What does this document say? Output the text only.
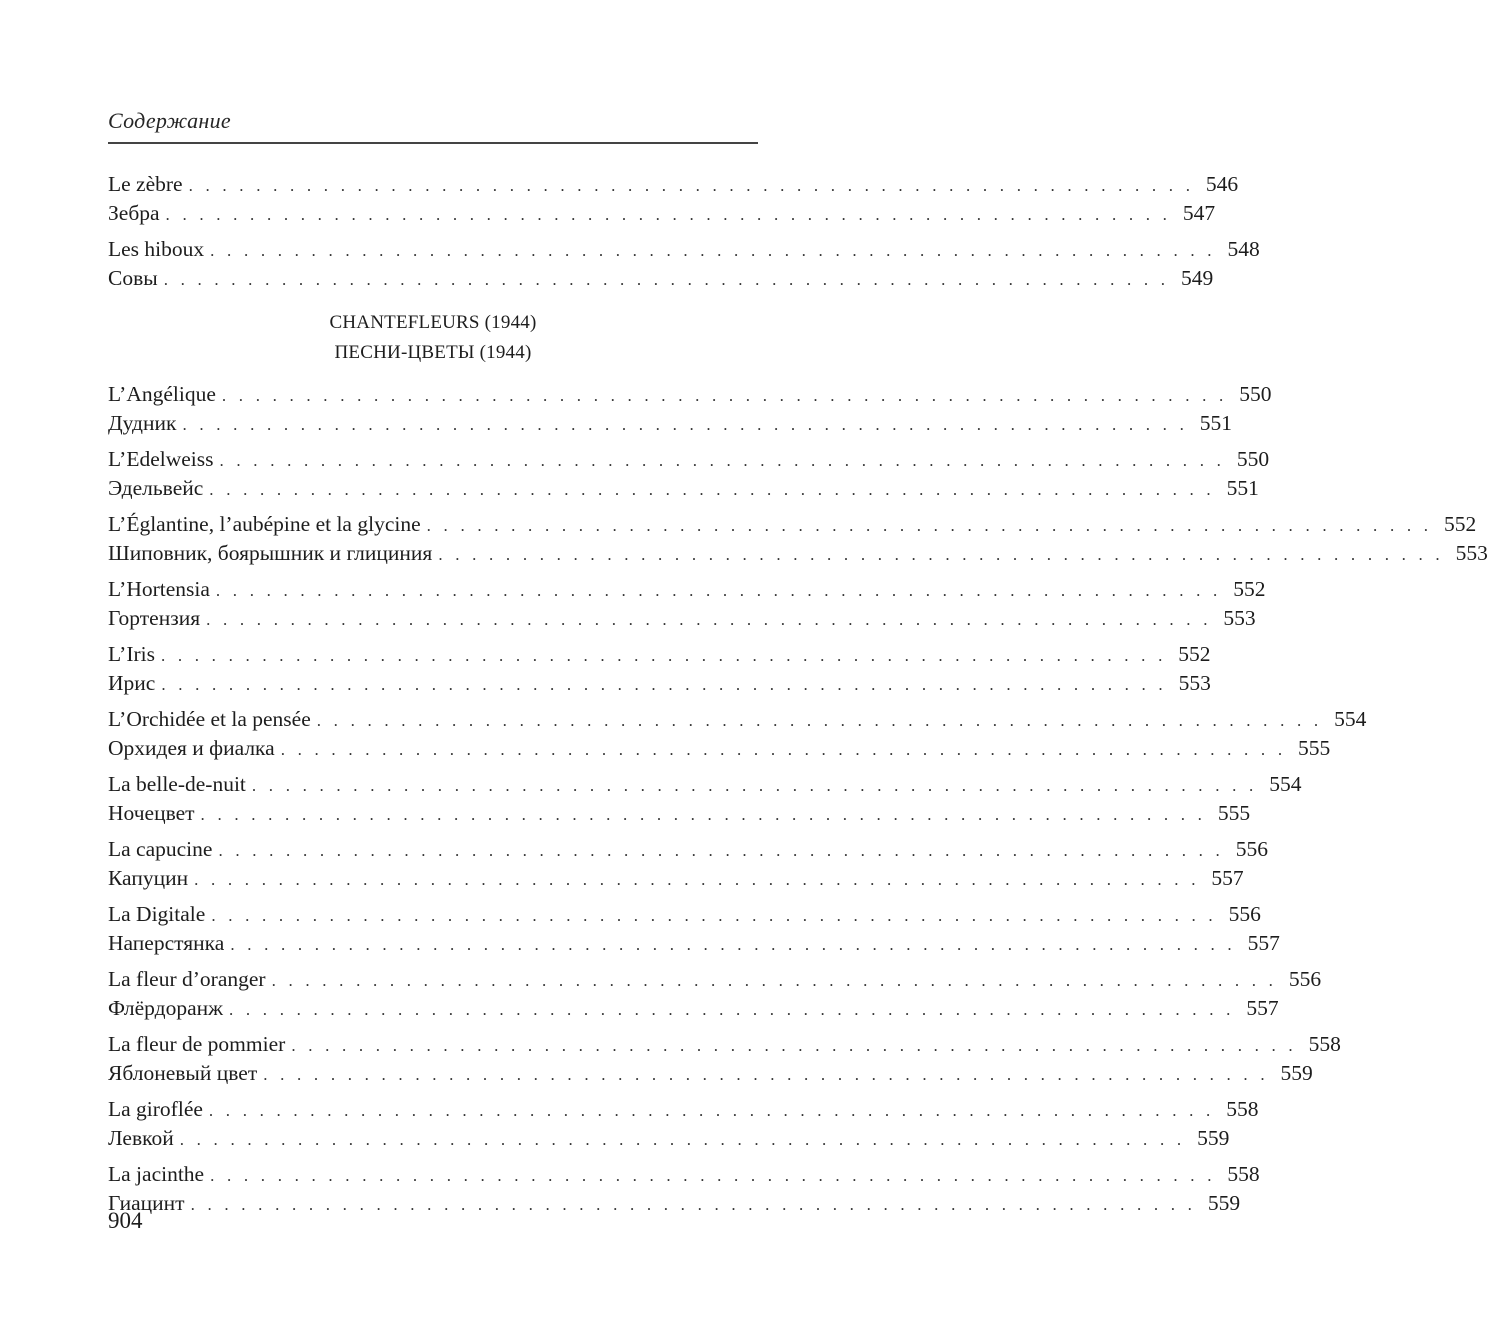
Содержание
Le zèbre . . . . . . . . . . . . . . . . . . . . . . . . . . . . . . . . . . . . . . . . . . . . . . . . . . . . . . . . . . . . 546
Зебра . . . . . . . . . . . . . . . . . . . . . . . . . . . . . . . . . . . . . . . . . . . . . . . . . . . . . . . . . . . . 547
Les hiboux . . . . . . . . . . . . . . . . . . . . . . . . . . . . . . . . . . . . . . . . . . . . . . . . . . . . . . . . . . . . 548
Совы . . . . . . . . . . . . . . . . . . . . . . . . . . . . . . . . . . . . . . . . . . . . . . . . . . . . . . . . . . . . 549
CHANTEFLEURS (1944)
ПЕСНИ-ЦВЕТЫ (1944)
L’Angélique . . . . . . . . . . . . . . . . . . . . . . . . . . . . . . . . . . . . . . . . . . . . . . . . . . . . . . . . . . . . 550
Дудник . . . . . . . . . . . . . . . . . . . . . . . . . . . . . . . . . . . . . . . . . . . . . . . . . . . . . . . . . . . . 551
L’Edelweiss . . . . . . . . . . . . . . . . . . . . . . . . . . . . . . . . . . . . . . . . . . . . . . . . . . . . . . . . . . . . 550
Эдельвейс . . . . . . . . . . . . . . . . . . . . . . . . . . . . . . . . . . . . . . . . . . . . . . . . . . . . . . . . . . . . 551
L’Églantine, l’aubépine et la glycine . . . . . . . . . . . . . . . . . . . . . . . . . . . . . . . . . . . . . . . . . . . . . . . . . . . . . . . . . . . . 552
Шиповник, боярышник и глициния . . . . . . . . . . . . . . . . . . . . . . . . . . . . . . . . . . . . . . . . . . . . . . . . . . . . . . . . . . . . 553
L’Hortensia . . . . . . . . . . . . . . . . . . . . . . . . . . . . . . . . . . . . . . . . . . . . . . . . . . . . . . . . . . . . 552
Гортензия . . . . . . . . . . . . . . . . . . . . . . . . . . . . . . . . . . . . . . . . . . . . . . . . . . . . . . . . . . . . 553
L’Iris . . . . . . . . . . . . . . . . . . . . . . . . . . . . . . . . . . . . . . . . . . . . . . . . . . . . . . . . . . . . 552
Ирис . . . . . . . . . . . . . . . . . . . . . . . . . . . . . . . . . . . . . . . . . . . . . . . . . . . . . . . . . . . . 553
L’Orchidée et la pensée . . . . . . . . . . . . . . . . . . . . . . . . . . . . . . . . . . . . . . . . . . . . . . . . . . . . . . . . . . . . 554
Орхидея и фиалка . . . . . . . . . . . . . . . . . . . . . . . . . . . . . . . . . . . . . . . . . . . . . . . . . . . . . . . . . . . . 555
La belle-de-nuit . . . . . . . . . . . . . . . . . . . . . . . . . . . . . . . . . . . . . . . . . . . . . . . . . . . . . . . . . . . . 554
Ночецвет . . . . . . . . . . . . . . . . . . . . . . . . . . . . . . . . . . . . . . . . . . . . . . . . . . . . . . . . . . . . 555
La capucine . . . . . . . . . . . . . . . . . . . . . . . . . . . . . . . . . . . . . . . . . . . . . . . . . . . . . . . . . . . . 556
Капуцин . . . . . . . . . . . . . . . . . . . . . . . . . . . . . . . . . . . . . . . . . . . . . . . . . . . . . . . . . . . . 557
La Digitale . . . . . . . . . . . . . . . . . . . . . . . . . . . . . . . . . . . . . . . . . . . . . . . . . . . . . . . . . . . . 556
Наперстянка . . . . . . . . . . . . . . . . . . . . . . . . . . . . . . . . . . . . . . . . . . . . . . . . . . . . . . . . . . . . 557
La fleur d’oranger . . . . . . . . . . . . . . . . . . . . . . . . . . . . . . . . . . . . . . . . . . . . . . . . . . . . . . . . . . . . 556
Флёрдоранж . . . . . . . . . . . . . . . . . . . . . . . . . . . . . . . . . . . . . . . . . . . . . . . . . . . . . . . . . . . . 557
La fleur de pommier . . . . . . . . . . . . . . . . . . . . . . . . . . . . . . . . . . . . . . . . . . . . . . . . . . . . . . . . . . . . 558
Яблоневый цвет . . . . . . . . . . . . . . . . . . . . . . . . . . . . . . . . . . . . . . . . . . . . . . . . . . . . . . . . . . . . 559
La giroflée . . . . . . . . . . . . . . . . . . . . . . . . . . . . . . . . . . . . . . . . . . . . . . . . . . . . . . . . . . . . 558
Левкой . . . . . . . . . . . . . . . . . . . . . . . . . . . . . . . . . . . . . . . . . . . . . . . . . . . . . . . . . . . . 559
La jacinthe . . . . . . . . . . . . . . . . . . . . . . . . . . . . . . . . . . . . . . . . . . . . . . . . . . . . . . . . . . . . 558
Гиацинт . . . . . . . . . . . . . . . . . . . . . . . . . . . . . . . . . . . . . . . . . . . . . . . . . . . . . . . . . . . . 559
904
